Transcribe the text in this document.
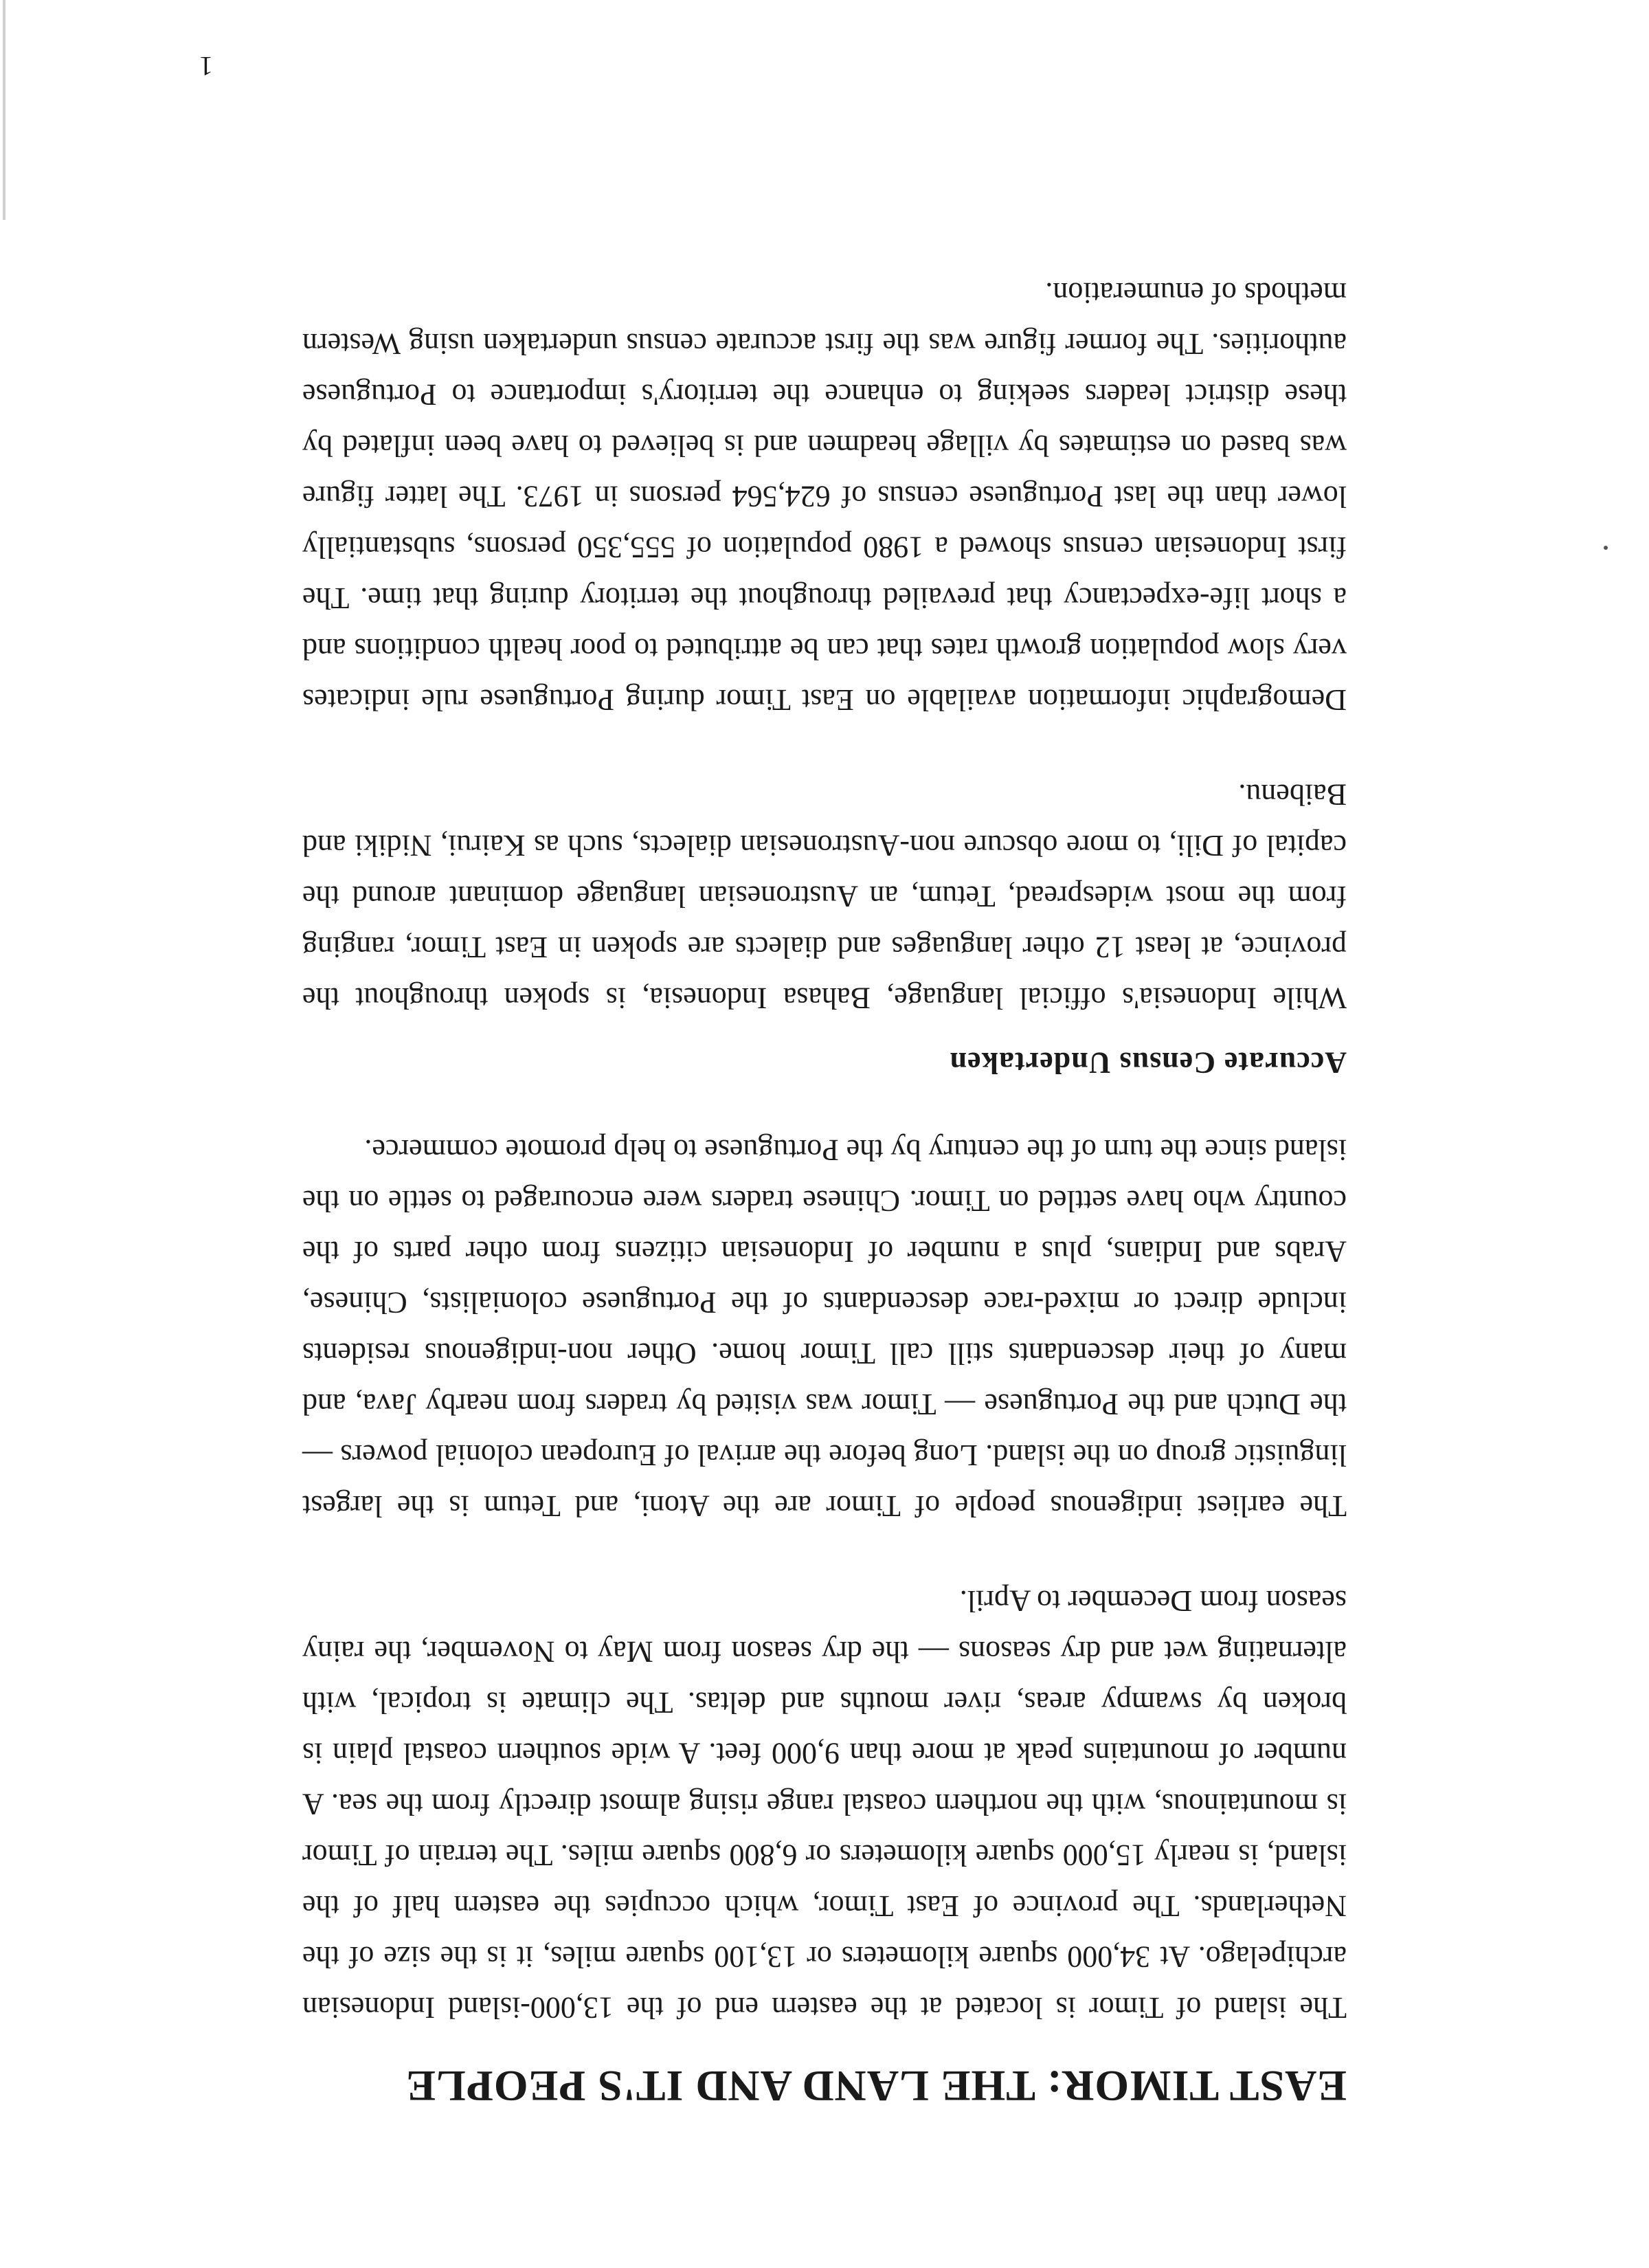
EAST TIMOR: THE LAND AND IT'S PEOPLE

The island of Timor is located at the eastern end of the 13,000-island Indonesian archipelago. At 34,000 square kilometers or 13,100 square miles, it is the size of the Netherlands. The province of East Timor, which occupies the eastern half of the island, is nearly 15,000 square kilometers or 6,800 square miles. The terrain of Timor is mountainous, with the northern coastal range rising almost directly from the sea. A number of mountains peak at more than 9,000 feet. A wide southern coastal plain is broken by swampy areas, river mouths and deltas. The climate is tropical, with alternating wet and dry seasons — the dry season from May to November, the rainy season from December to April.

The earliest indigenous people of Timor are the Atoni, and Tetum is the largest linguistic group on the island. Long before the arrival of European colonial powers — the Dutch and the Portuguese — Timor was visited by traders from nearby Java, and many of their descendants still call Timor home. Other non-indigenous residents include direct or mixed-race descendants of the Portuguese colonialists, Chinese, Arabs and Indians, plus a number of Indonesian citizens from other parts of the country who have settled on Timor. Chinese traders were encouraged to settle on the island since the turn of the century by the Portuguese to help promote commerce.

Accurate Census Undertaken

While Indonesia's official language, Bahasa Indonesia, is spoken throughout the province, at least 12 other languages and dialects are spoken in East Timor, ranging from the most widespread, Tetum, an Austronesian language dominant around the capital of Dili, to more obscure non-Austronesian dialects, such as Kairui, Nidiki and Baibenu.

Demographic information available on East Timor during Portuguese rule indicates very slow population growth rates that can be attributed to poor health conditions and a short life-expectancy that prevailed throughout the territory during that time. The first Indonesian census showed a 1980 population of 555,350 persons, substantially lower than the last Portuguese census of 624,564 persons in 1973. The latter figure was based on estimates by village headmen and is believed to have been inflated by these district leaders seeking to enhance the territory's importance to Portuguese authorities. The former figure was the first accurate census undertaken using Western methods of enumeration.

1
